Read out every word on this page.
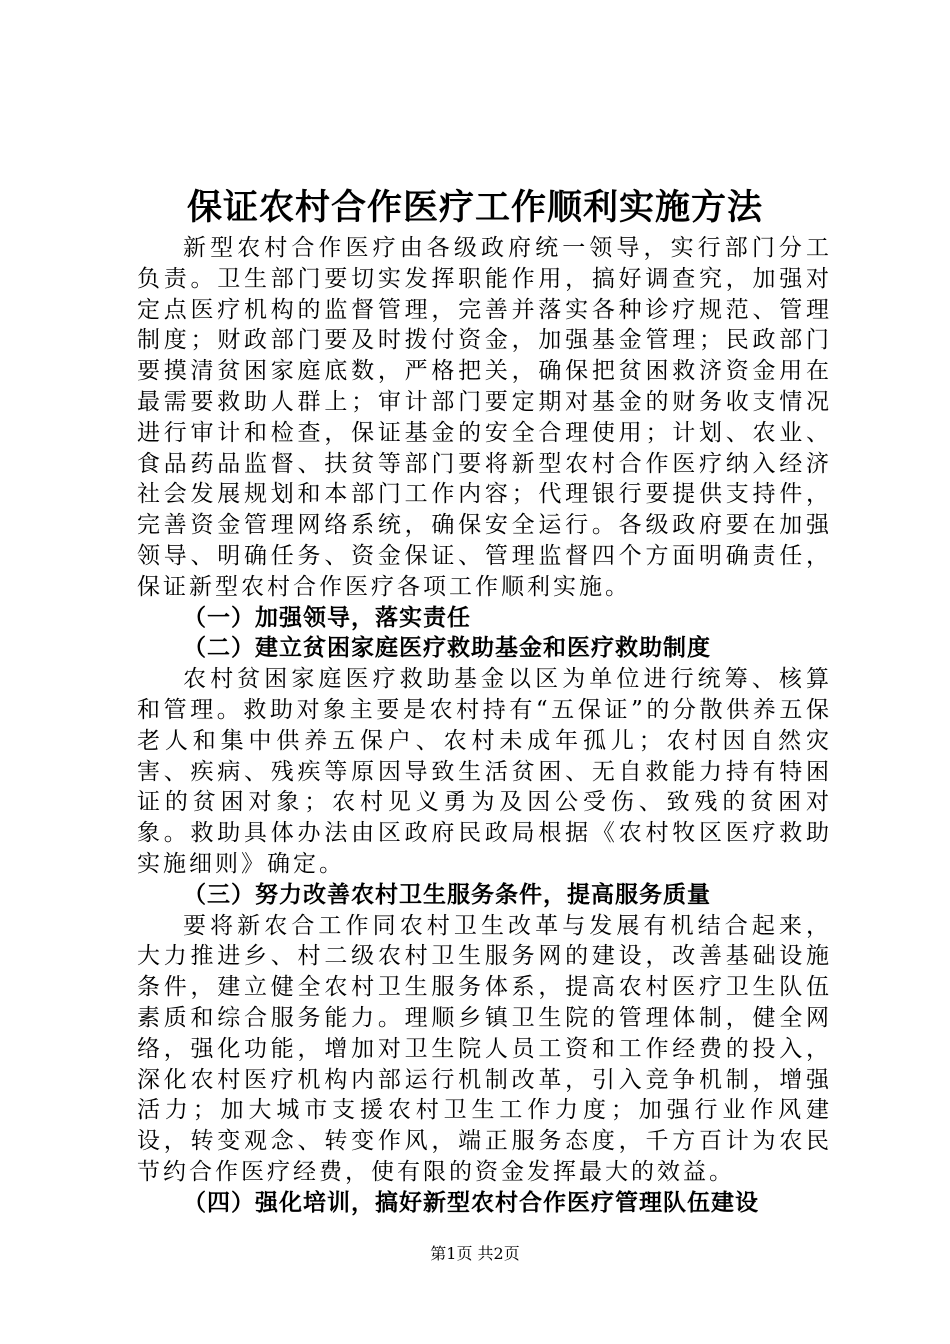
保证农村合作医疗工作顺利实施方法

新型农村合作医疗由各级政府统一领导，实行部门分工负责。卫生部门要切实发挥职能作用，搞好调查究，加强对定点医疗机构的监督管理，完善并落实各种诊疗规范、管理制度；财政部门要及时拨付资金，加强基金管理；民政部门要摸清贫困家庭底数，严格把关，确保把贫困救济资金用在最需要救助人群上；审计部门要定期对基金的财务收支情况进行审计和检查，保证基金的安全合理使用；计划、农业、食品药品监督、扶贫等部门要将新型农村合作医疗纳入经济社会发展规划和本部门工作内容；代理银行要提供支持件，完善资金管理网络系统，确保安全运行。各级政府要在加强领导、明确任务、资金保证、管理监督四个方面明确责任，保证新型农村合作医疗各项工作顺利实施。

（一）加强领导，落实责任

（二）建立贫困家庭医疗救助基金和医疗救助制度

农村贫困家庭医疗救助基金以区为单位进行统筹、核算和管理。救助对象主要是农村持有“五保证”的分散供养五保老人和集中供养五保户、农村未成年孤儿；农村因自然灾害、疾病、残疾等原因导致生活贫困、无自救能力持有特困证的贫困对象；农村见义勇为及因公受伤、致残的贫困对象。救助具体办法由区政府民政局根据《农村牧区医疗救助实施细则》确定。

（三）努力改善农村卫生服务条件，提高服务质量

要将新农合工作同农村卫生改革与发展有机结合起来，大力推进乡、村二级农村卫生服务网的建设，改善基础设施条件，建立健全农村卫生服务体系，提高农村医疗卫生队伍素质和综合服务能力。理顺乡镇卫生院的管理体制，健全网络，强化功能，增加对卫生院人员工资和工作经费的投入，深化农村医疗机构内部运行机制改革，引入竞争机制，增强活力；加大城市支援农村卫生工作力度；加强行业作风建设，转变观念、转变作风，端正服务态度，千方百计为农民节约合作医疗经费，使有限的资金发挥最大的效益。

（四）强化培训，搞好新型农村合作医疗管理队伍建设

第1页 共2页
